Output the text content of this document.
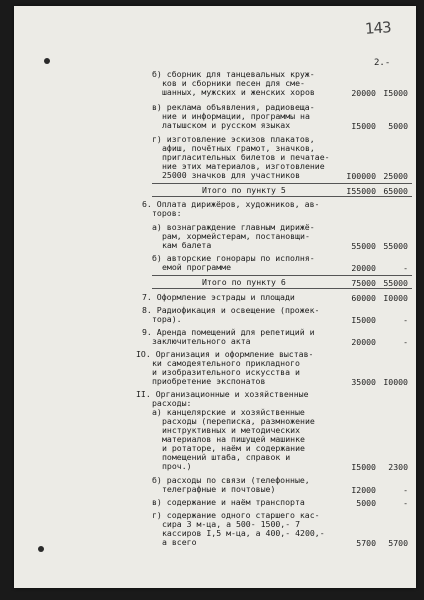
143
2.-
б) сборник для танцевальных круж-
ков и сборники песен для сме-
шанных, мужских и женских хоров
в) реклама объявления, радиовеща-
ние и информации, программы на
латышском и русском языках
г) изготовление эскизов плакатов,
афиш, почётных грамот, значков,
пригласительных билетов и печатае-
ние этих материалов, изготовление
25000 значков для участников
Итого по пункту 5
6. Оплата дирижёров, художников, ав-
торов:
а) вознаграждение главным дирижё-
рам, хормейстерам, постановщи-
кам балета
б) авторские гонорары по исполня-
емой программе
Итого по пункту 6
7. Оформление эстрады и площади
8. Радиофикация и освещение (прожек-
тора).
9. Аренда помещений для репетиций и
заключительного акта
IO. Организация и оформление выстав-
ки самодеятельного прикладного
и изобразительного искусства и
приобретение экспонатов
II. Организационные и хозяйственные
расходы:
а) канцелярские и хозяйственные
расходы (переписка, размножение
инструктивных и методических
материалов на пишущей машинке
и ротаторе, наём и содержание
помещений штаба, справок и
проч.)
б) расходы по связи (телефонные,
телеграфные и почтовые)
в) содержание и наём транспорта
г) содержание одного старшего кас-
сира 3 м-ца, а 500- 1500,- 7
кассиров I,5 м-ца, а 400,- 4200,-
а всего
20000
I5000
I00000
I55000
55000
20000
75000
60000
I5000
20000
35000
I5000
I2000
5000
5700
I5000
5000
25000
65000
55000
-
55000
I0000
-
-
I0000
2300
-
-
5700
